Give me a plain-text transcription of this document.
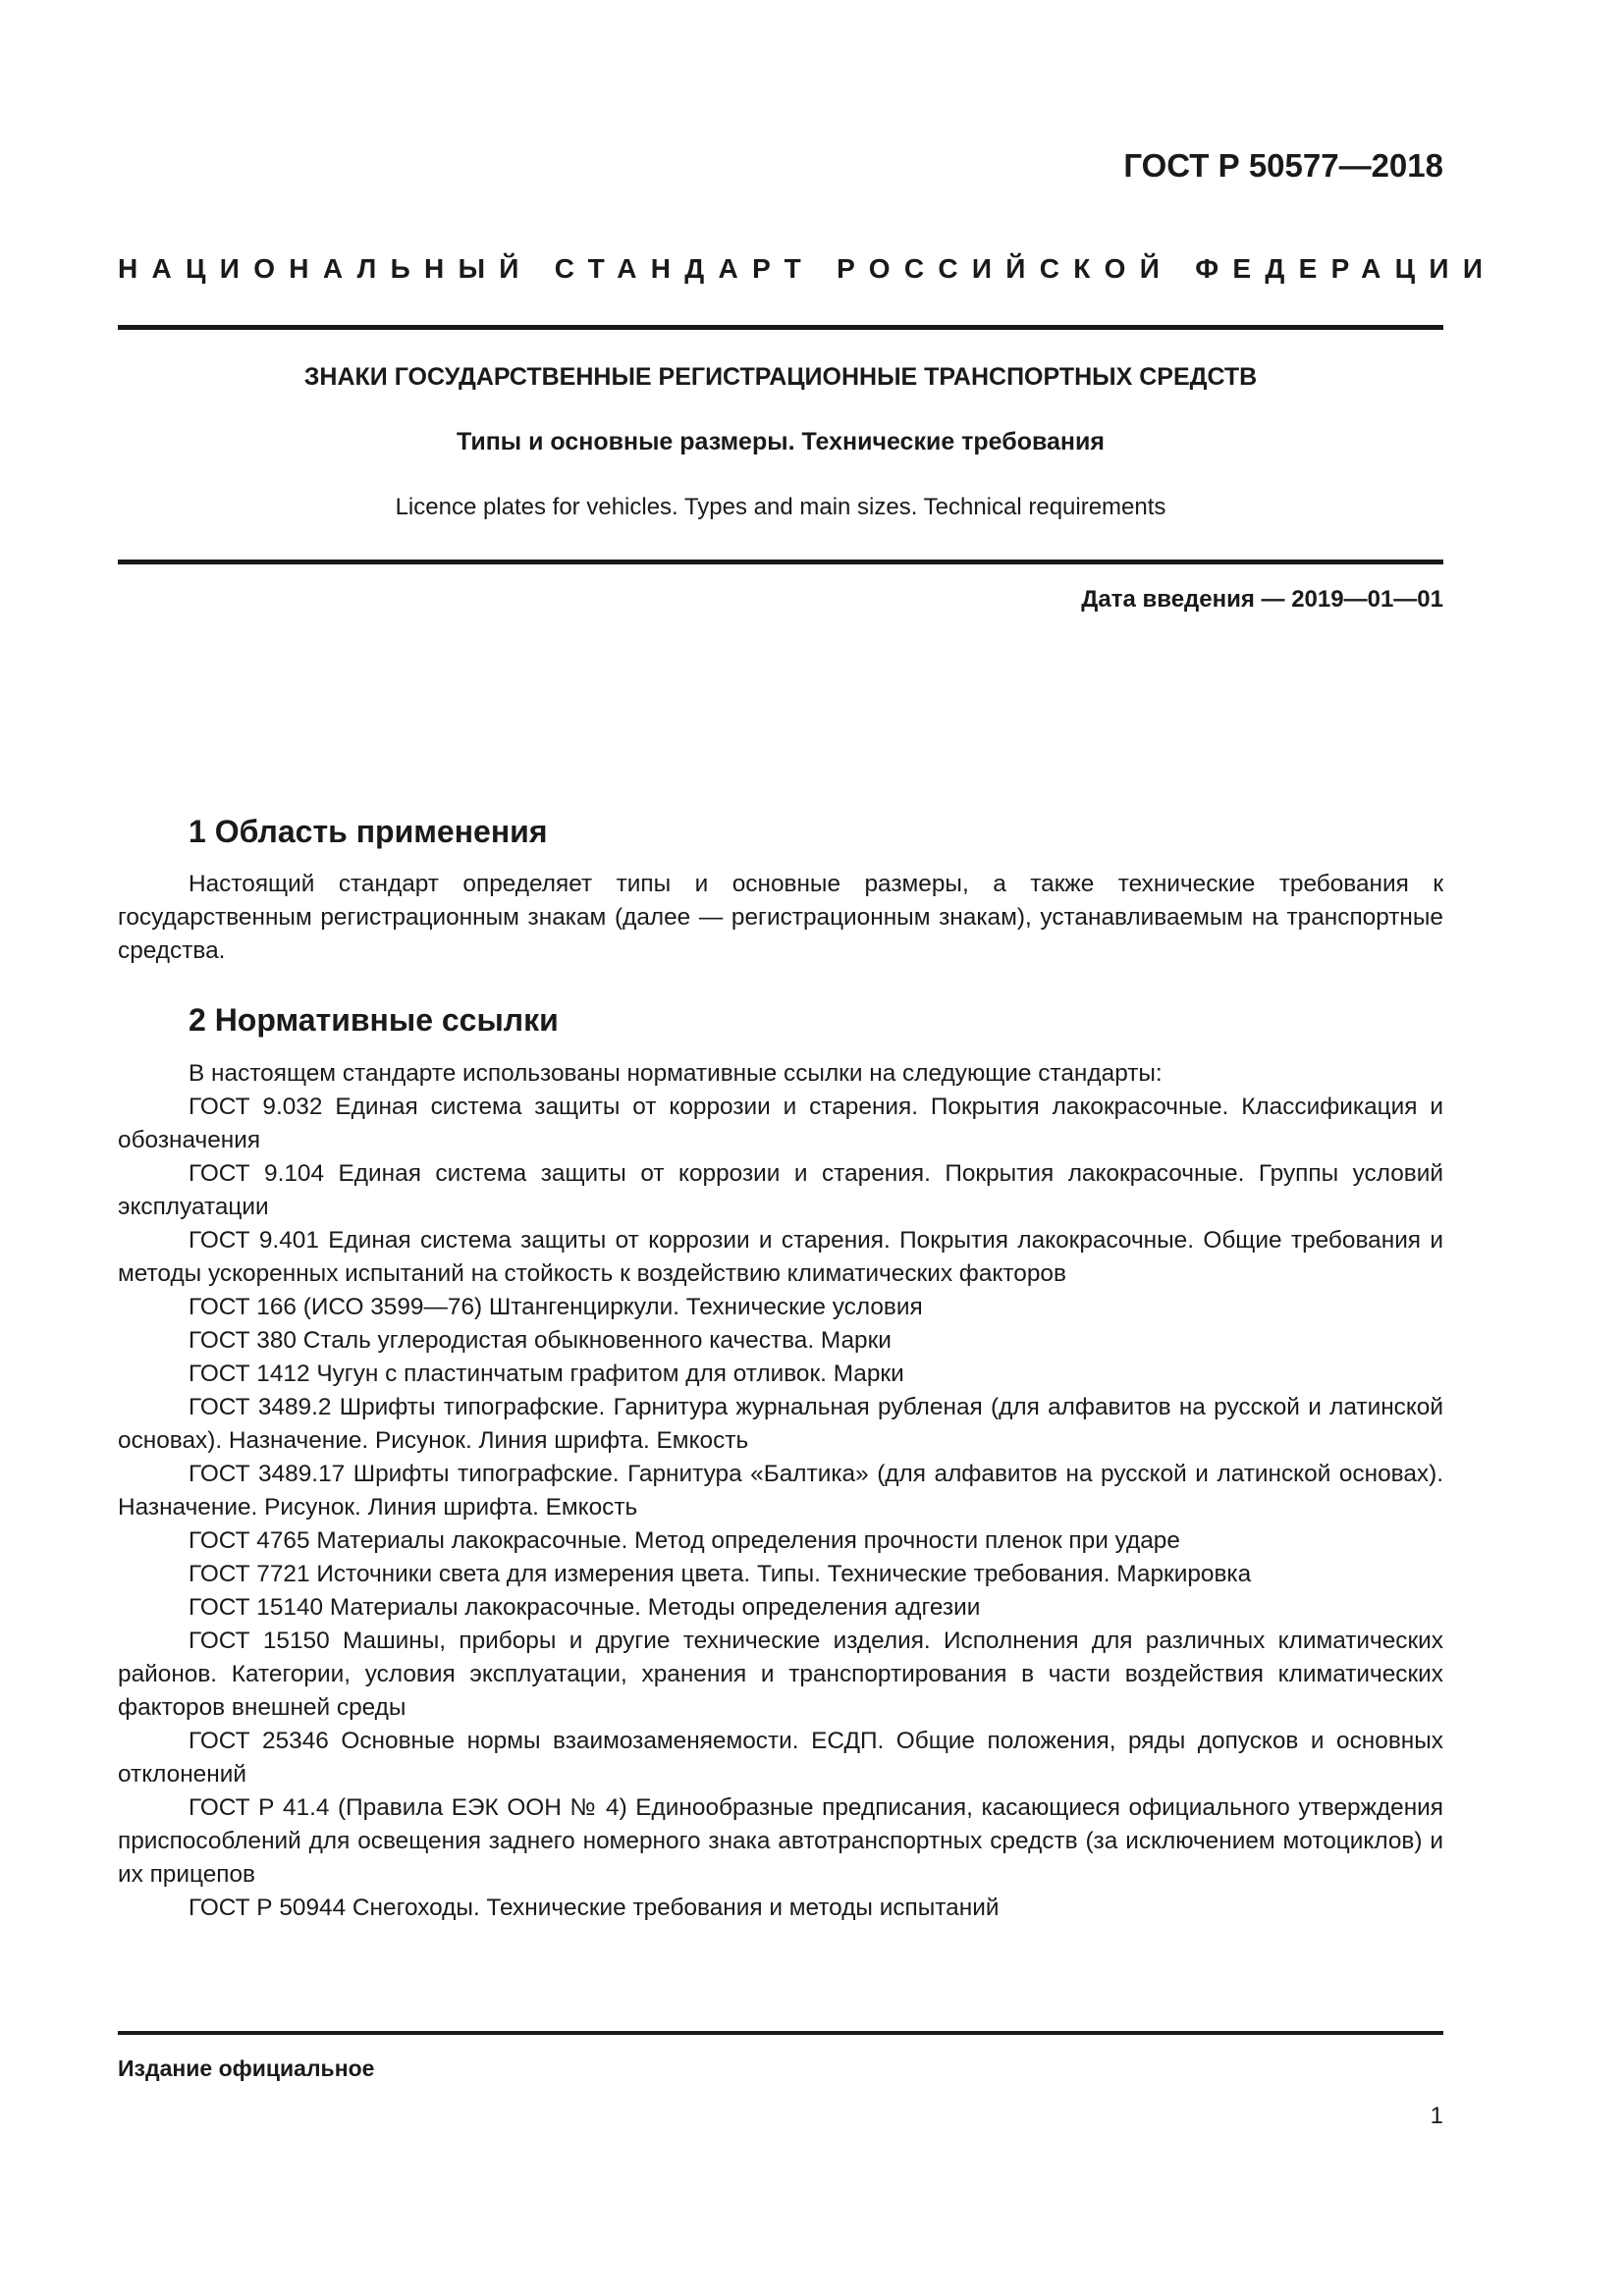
ГОСТ Р 50577—2018
НАЦИОНАЛЬНЫЙ СТАНДАРТ РОССИЙСКОЙ ФЕДЕРАЦИИ
ЗНАКИ ГОСУДАРСТВЕННЫЕ РЕГИСТРАЦИОННЫЕ ТРАНСПОРТНЫХ СРЕДСТВ
Типы и основные размеры. Технические требования
Licence plates for vehicles. Types and main sizes. Technical requirements
Дата введения — 2019—01—01
1 Область применения

Настоящий стандарт определяет типы и основные размеры, а также технические требования к государственным регистрационным знакам (далее — регистрационным знакам), устанавливаемым на транспортные средства.

2 Нормативные ссылки

В настоящем стандарте использованы нормативные ссылки на следующие стандарты:

ГОСТ 9.032 Единая система защиты от коррозии и старения. Покрытия лакокрасочные. Классификация и обозначения

ГОСТ 9.104 Единая система защиты от коррозии и старения. Покрытия лакокрасочные. Группы условий эксплуатации

ГОСТ 9.401 Единая система защиты от коррозии и старения. Покрытия лакокрасочные. Общие требования и методы ускоренных испытаний на стойкость к воздействию климатических факторов

ГОСТ 166 (ИСО 3599—76) Штангенциркули. Технические условия

ГОСТ 380 Сталь углеродистая обыкновенного качества. Марки

ГОСТ 1412 Чугун с пластинчатым графитом для отливок. Марки

ГОСТ 3489.2 Шрифты типографские. Гарнитура журнальная рубленая (для алфавитов на русской и латинской основах). Назначение. Рисунок. Линия шрифта. Емкость

ГОСТ 3489.17 Шрифты типографские. Гарнитура «Балтика» (для алфавитов на русской и латинской основах). Назначение. Рисунок. Линия шрифта. Емкость

ГОСТ 4765 Материалы лакокрасочные. Метод определения прочности пленок при ударе

ГОСТ 7721 Источники света для измерения цвета. Типы. Технические требования. Маркировка

ГОСТ 15140 Материалы лакокрасочные. Методы определения адгезии

ГОСТ 15150 Машины, приборы и другие технические изделия. Исполнения для различных климатических районов. Категории, условия эксплуатации, хранения и транспортирования в части воздействия климатических факторов внешней среды

ГОСТ 25346 Основные нормы взаимозаменяемости. ЕСДП. Общие положения, ряды допусков и основных отклонений

ГОСТ Р 41.4 (Правила ЕЭК ООН № 4) Единообразные предписания, касающиеся официального утверждения приспособлений для освещения заднего номерного знака автотранспортных средств (за исключением мотоциклов) и их прицепов

ГОСТ Р 50944 Снегоходы. Технические требования и методы испытаний

Издание официальное
1
